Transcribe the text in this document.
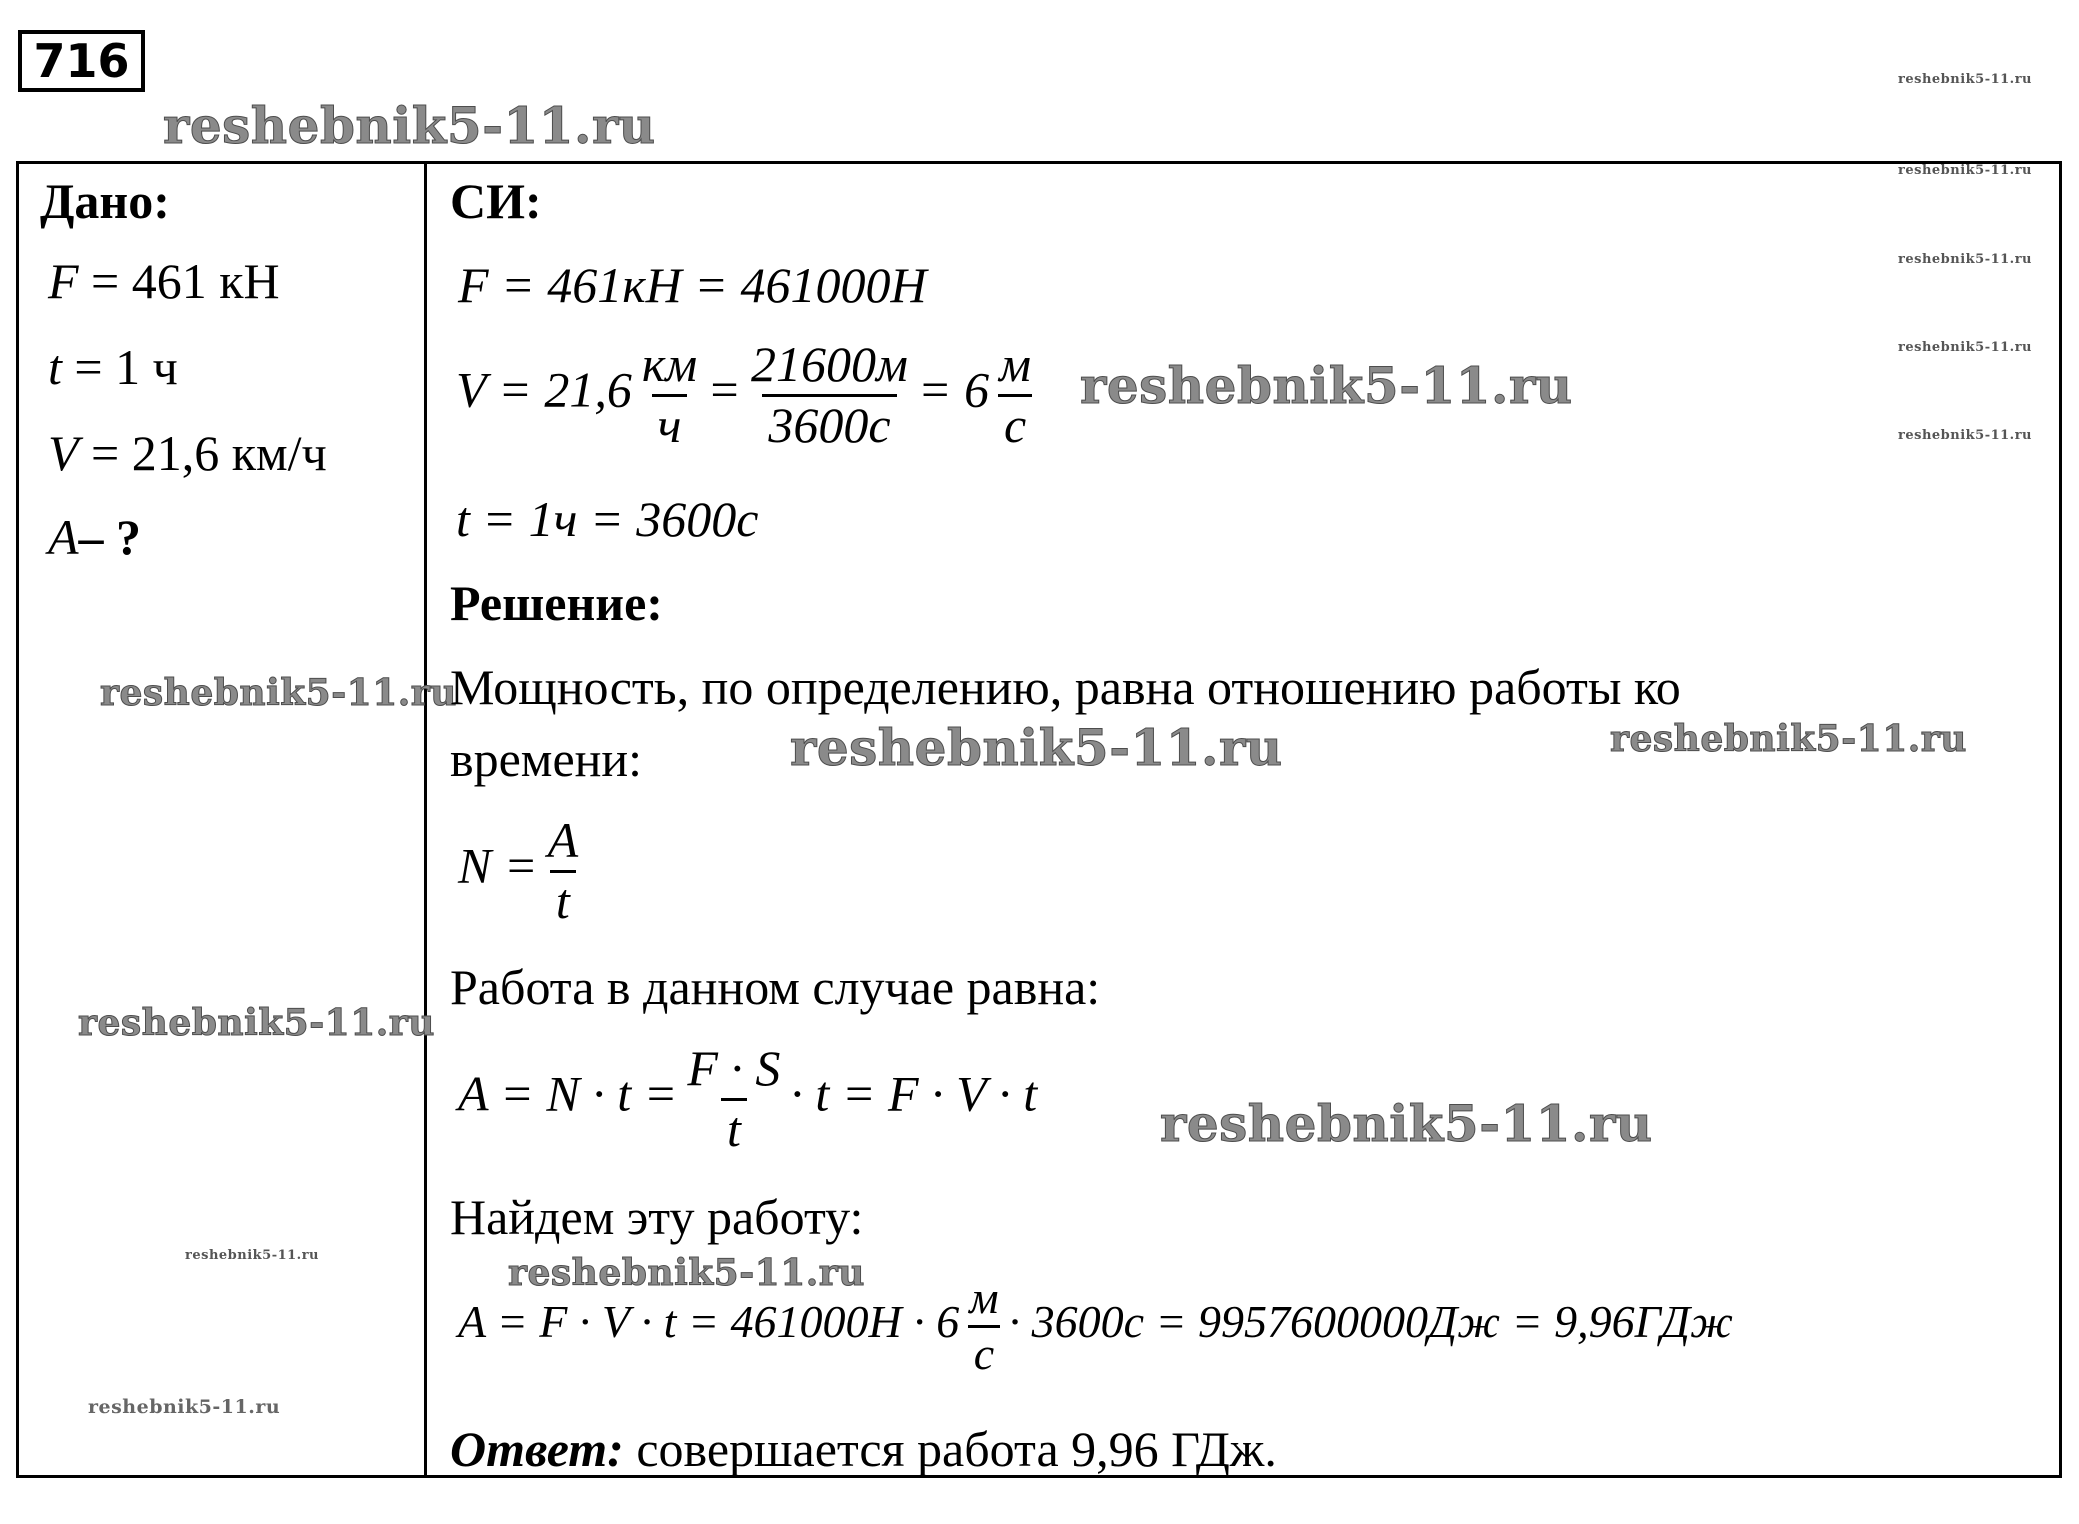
716
reshebnik5-11.ru
reshebnik5-11.ru
reshebnik5-11.ru
reshebnik5-11.ru
reshebnik5-11.ru
reshebnik5-11.ru
Дано:
F = 461 кН
t = 1 ч
V = 21,6 км/ч
A– ?
reshebnik5-11.ru
reshebnik5-11.ru
reshebnik5-11.ru
reshebnik5-11.ru
СИ:
F = 461кН = 461000Н
$V = 21,6 \frac{км}{ч} = \frac{21600м}{3600с} = 6 \frac{м}{с}$ reshebnik5-11.ru
t = 1ч = 3600с
Решение:
Мощность, по определению, равна отношению работы ко
времени:	reshebnik5-11.ru	reshebnik5-11.ru
$N = \frac{A}{t}$
Работа в данном случае равна:
$A = N \cdot t = \frac{F \cdot S}{t} \cdot t = F \cdot V \cdot t$
reshebnik5-11.ru
Найдем эту работу:
reshebnik5-11.ru
$A = F \cdot V \cdot t = 461000Н \cdot 6 \frac{м}{с} \cdot 3600с = 9957600000Дж = 9,96ГДж$
Ответ: совершается работа 9,96 ГДж.
